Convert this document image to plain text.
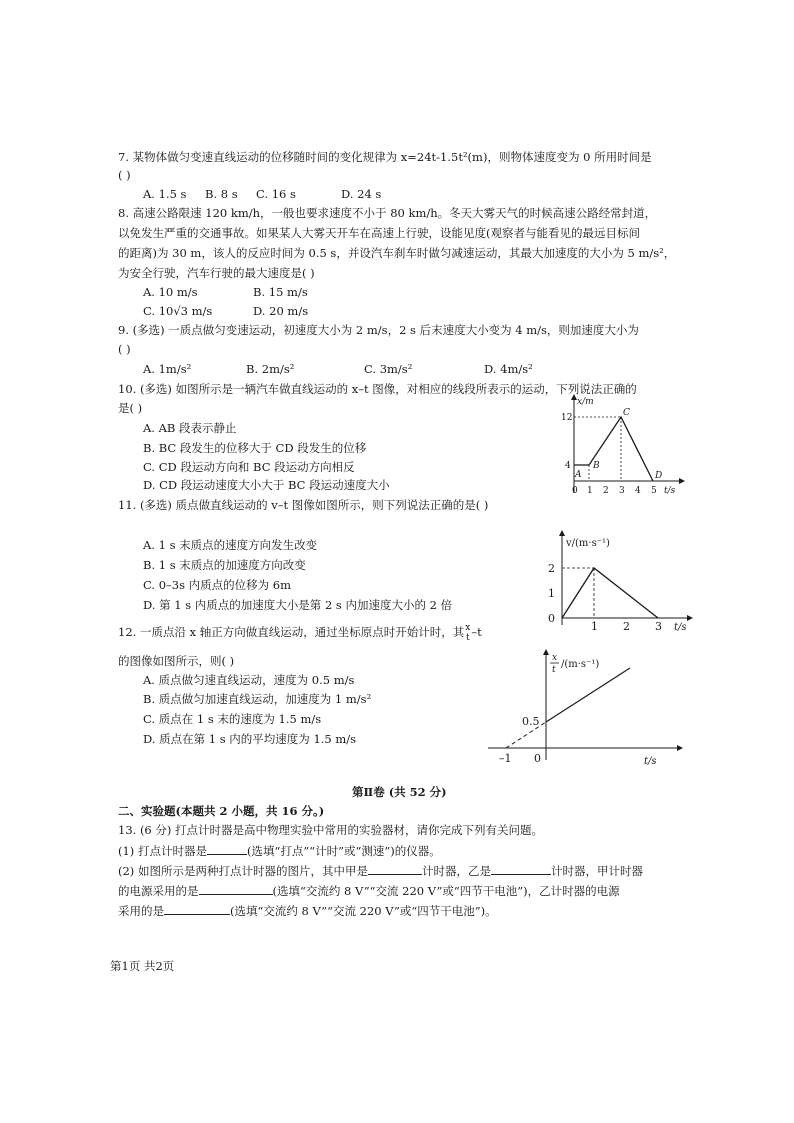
7. 某物体做匀变速直线运动的位移随时间的变化规律为 x=24t-1.5t²(m)，则物体速度变为 0 所用时间是
( )
A. 1.5 s B. 8 s C. 16 s	D. 24 s
8. 高速公路限速 120 km/h，一般也要求速度不小于 80 km/h。冬天大雾天气的时候高速公路经常封道，
以免发生严重的交通事故。如果某人大雾天开车在高速上行驶，设能见度(观察者与能看见的最远目标间
的距离)为 30 m，该人的反应时间为 0.5 s，并设汽车刹车时做匀减速运动，其最大加速度的大小为 5 m/s²，
为安全行驶，汽车行驶的最大速度是( )
A. 10 m/s	B. 15 m/s
C. 10√3 m/s	D. 20 m/s
9. (多选) 一质点做匀变速运动，初速度大小为 2 m/s，2 s 后末速度大小变为 4 m/s，则加速度大小为
( )
A. 1m/s²	B. 2m/s²	C. 3m/s²	D. 4m/s²
10. (多选) 如图所示是一辆汽车做直线运动的 x–t 图像，对相应的线段所表示的运动，下列说法正确的
是( )
A. AB 段表示静止
B. BC 段发生的位移大于 CD 段发生的位移
C. CD 段运动方向和 BC 段运动方向相反
D. CD 段运动速度大小大于 BC 段运动速度大小
x/m
12
4
A
B
C
D
0 1 2 3 4 5 t/s
11. (多选) 质点做直线运动的 v–t 图像如图所示，则下列说法正确的是( )
A. 1 s 末质点的速度方向发生改变
B. 1 s 末质点的加速度方向改变
C. 0–3s 内质点的位移为 6m
D. 第 1 s 内质点的加速度大小是第 2 s 内加速度大小的 2 倍
v/(m·s⁻¹)
2
1
0
1 2 3 t/s
12. 一质点沿 x 轴正方向做直线运动，通过坐标原点时开始计时，其 x
t –t
的图像如图所示，则( )
A. 质点做匀速直线运动，速度为 0.5 m/s
B. 质点做匀加速直线运动，加速度为 1 m/s²
C. 质点在 1 s 末的速度为 1.5 m/s
D. 质点在第 1 s 内的平均速度为 1.5 m/s
x
t /(m·s⁻¹)
0.5
–1 0	t/s
第Ⅱ卷 (共 52 分)
二、实验题(本题共 2 小题，共 16 分。)
13. (6 分) 打点计时器是高中物理实验中常用的实验器材，请你完成下列有关问题。
(1) 打点计时器是	(选填“打点”“计时”或“测速”)的仪器。
(2) 如图所示是两种打点计时器的图片，其中甲是	计时器，乙是	计时器，甲计时器
的电源采用的是	(选填“交流约 8 V”“交流 220 V”或“四节干电池”)，乙计时器的电源
采用的是	(选填“交流约 8 V”“交流 220 V”或“四节干电池”)。
第1页 共2页
